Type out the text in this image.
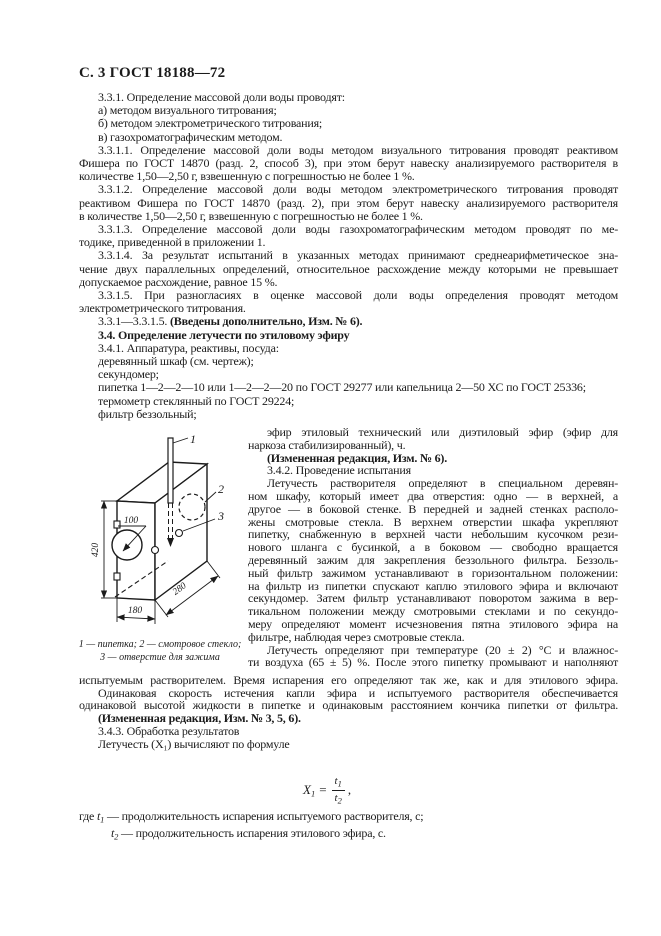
С. 3 ГОСТ 18188—72
3.3.1. Определение массовой доли воды проводят:
а) методом визуального титрования;
б) методом электрометрического титрования;
в) газохроматографическим методом.
3.3.1.1. Определение массовой доли воды методом визуального титрования проводят реактивом
Фишера по ГОСТ 14870 (разд. 2, способ 3), при этом берут навеску анализируемого растворителя в
количестве 1,50—2,50 г, взвешенную с погрешностью не более 1 %.
3.3.1.2. Определение массовой доли воды методом электрометрического титрования проводят
реактивом Фишера по ГОСТ 14870 (разд. 2), при этом берут навеску анализируемого растворителя
в количестве 1,50—2,50 г, взвешенную с погрешностью не более 1 %.
3.3.1.3. Определение массовой доли воды газохроматографическим методом проводят по ме-
тодике, приведенной в приложении 1.
3.3.1.4. За результат испытаний в указанных методах принимают среднеарифметическое зна-
чение двух параллельных определений, относительное расхождение между которыми не превышает
допускаемое расхождение, равное 15 %.
3.3.1.5. При разногласиях в оценке массовой доли воды определения проводят методом
электрометрического титрования.
3.3.1—3.3.1.5. (Введены дополнительно, Изм. № 6).
3.4. Определение летучести по этиловому эфиру
3.4.1. Аппаратура, реактивы, посуда:
деревянный шкаф (см. чертеж);
секундомер;
пипетка 1—2—2—10 или 1—2—2—20 по ГОСТ 29277 или капельница 2—50 ХС по ГОСТ 25336;
термометр стеклянный по ГОСТ 29224;
фильтр беззольный;
1
2
3
420
100
280
180
1 — пипетка; 2 — смотровое стекло;
3 — отверстие для зажима
эфир этиловый технический или диэтиловый эфир (эфир для
наркоза стабилизированный), ч.
(Измененная редакция, Изм. № 6).
3.4.2. Проведение испытания
Летучесть растворителя определяют в специальном деревян-
ном шкафу, который имеет два отверстия: одно — в верхней, а
другое — в боковой стенке. В передней и задней стенках располо-
жены смотровые стекла. В верхнем отверстии шкафа укрепляют
пипетку, снабженную в верхней части небольшим кусочком рези-
нового шланга с бусинкой, а в боковом — свободно вращается
деревянный зажим для закрепления беззольного фильтра. Беззоль-
ный фильтр зажимом устанавливают в горизонтальном положении:
на фильтр из пипетки спускают каплю этилового эфира и включают
секундомер. Затем фильтр устанавливают поворотом зажима в вер-
тикальном положении между смотровыми стеклами и по секундо-
меру определяют момент исчезновения пятна этилового эфира на
фильтре, наблюдая через смотровые стекла.
Летучесть определяют при температуре (20 ± 2) °С и влажнос-
ти воздуха (65 ± 5) %. После этого пипетку промывают и наполняют
испытуемым растворителем. Время испарения его определяют так же, как и для этилового эфира.
Одинаковая скорость истечения капли эфира и испытуемого растворителя обеспечивается
одинаковой высотой жидкости в пипетке и одинаковым расстоянием кончика пипетки от фильтра.
(Измененная редакция, Изм. № 3, 5, 6).
3.4.3. Обработка результатов
Летучесть (X₁) вычисляют по формуле
$X1 = \frac{t_1}{t_2}$ ,
где $t_1$ — продолжительность испарения испытуемого растворителя, с;
$t_2$ — продолжительность испарения этилового эфира, с.
